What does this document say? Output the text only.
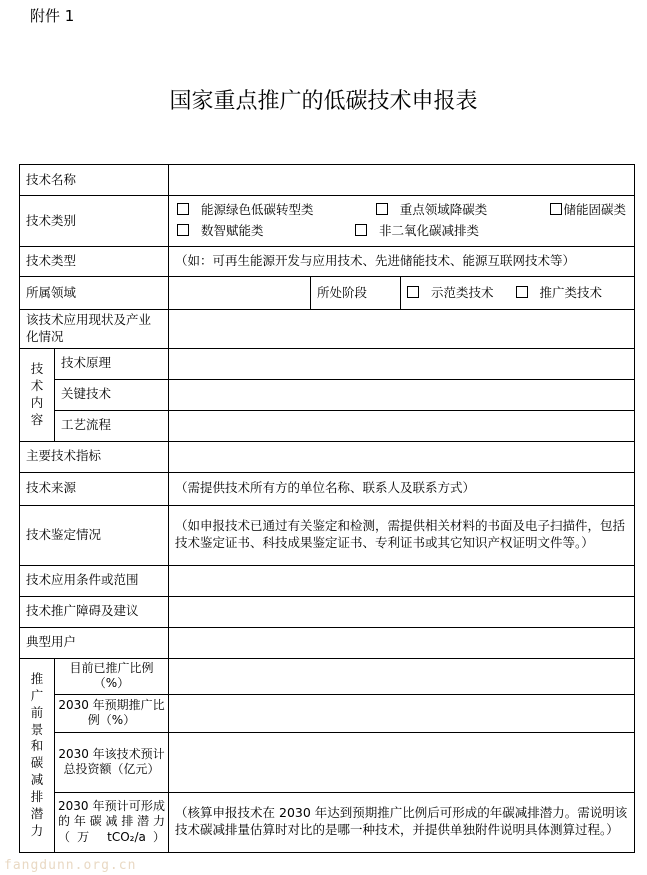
附件 1
国家重点推广的低碳技术申报表
技术名称				
技术类别		能源绿色低碳转型类 重点领域降碳类 储能固碳类
数智赋能类 非二氧化碳减排类		

技术类型		（如：可再生能源开发与应用技术、先进储能技术、能源互联网技术等）		
所属领域			所处阶段	示范类技术 推广类技术
该技术应用现状及产业化情况				

技术内容	技术原理			
	关键技术			
	工艺流程			
主要技术指标				
技术来源		（需提供技术所有方的单位名称、联系人及联系方式）		
技术鉴定情况		（如申报技术已通过有关鉴定和检测，需提供相关材料的书面及电子扫描件，包括技术鉴定证书、科技成果鉴定证书、专利证书或其它知识产权证明文件等。）		
技术应用条件或范围				
技术推广障碍及建议				
典型用户				

推广前景和碳减排潜力	目前已推广比例（%）			
	2030 年预期推广比例（%）			
	2030 年该技术预计总投资额（亿元）			
	2030 年预计可形成的年碳减排潜力（万 tCO₂/a）	（核算申报技术在 2030 年达到预期推广比例后可形成的年碳减排潜力。需说明该技术碳减排量估算时对比的是哪一种技术，并提供单独附件说明具体测算过程。）		
fangdunn.org.cn
